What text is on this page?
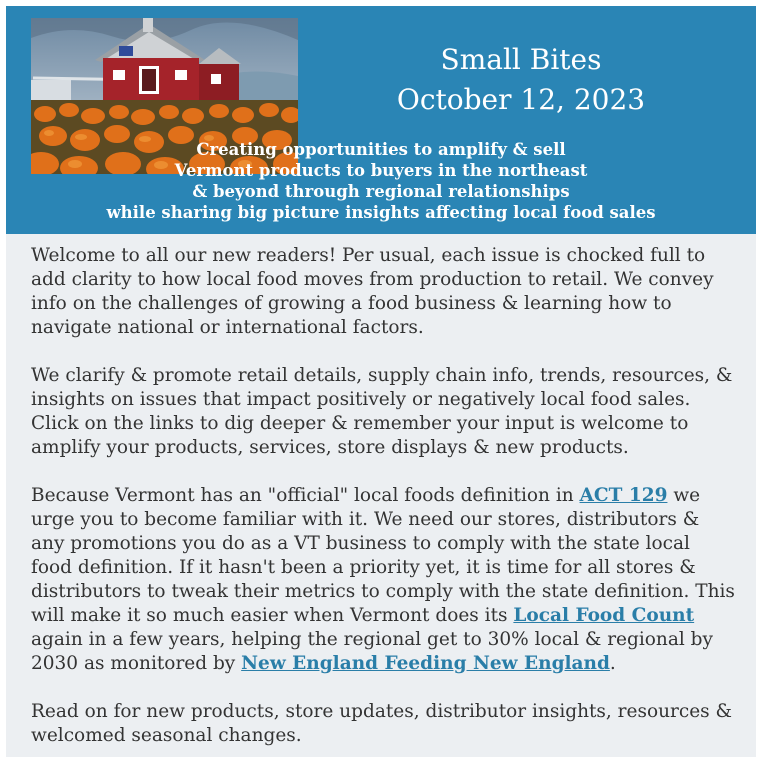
Small Bites
October 12, 2023
Creating opportunities to amplify & sell
Vermont products to buyers in the northeast
& beyond through regional relationships
while sharing big picture insights affecting local food sales

Welcome to all our new readers! Per usual, each issue is chocked full to add clarity to how local food moves from production to retail. We convey info on the challenges of growing a food business & learning how to navigate national or international factors.

We clarify & promote retail details, supply chain info, trends, resources, & insights on issues that impact positively or negatively local food sales. Click on the links to dig deeper & remember your input is welcome to amplify your products, services, store displays & new products.

Because Vermont has an "official" local foods definition in ACT 129 we urge you to become familiar with it. We need our stores, distributors & any promotions you do as a VT business to comply with the state local food definition. If it hasn't been a priority yet, it is time for all stores & distributors to tweak their metrics to comply with the state definition. This will make it so much easier when Vermont does its Local Food Count again in a few years, helping the regional get to 30% local & regional by 2030 as monitored by New England Feeding New England.

Read on for new products, store updates, distributor insights, resources & welcomed seasonal changes.
